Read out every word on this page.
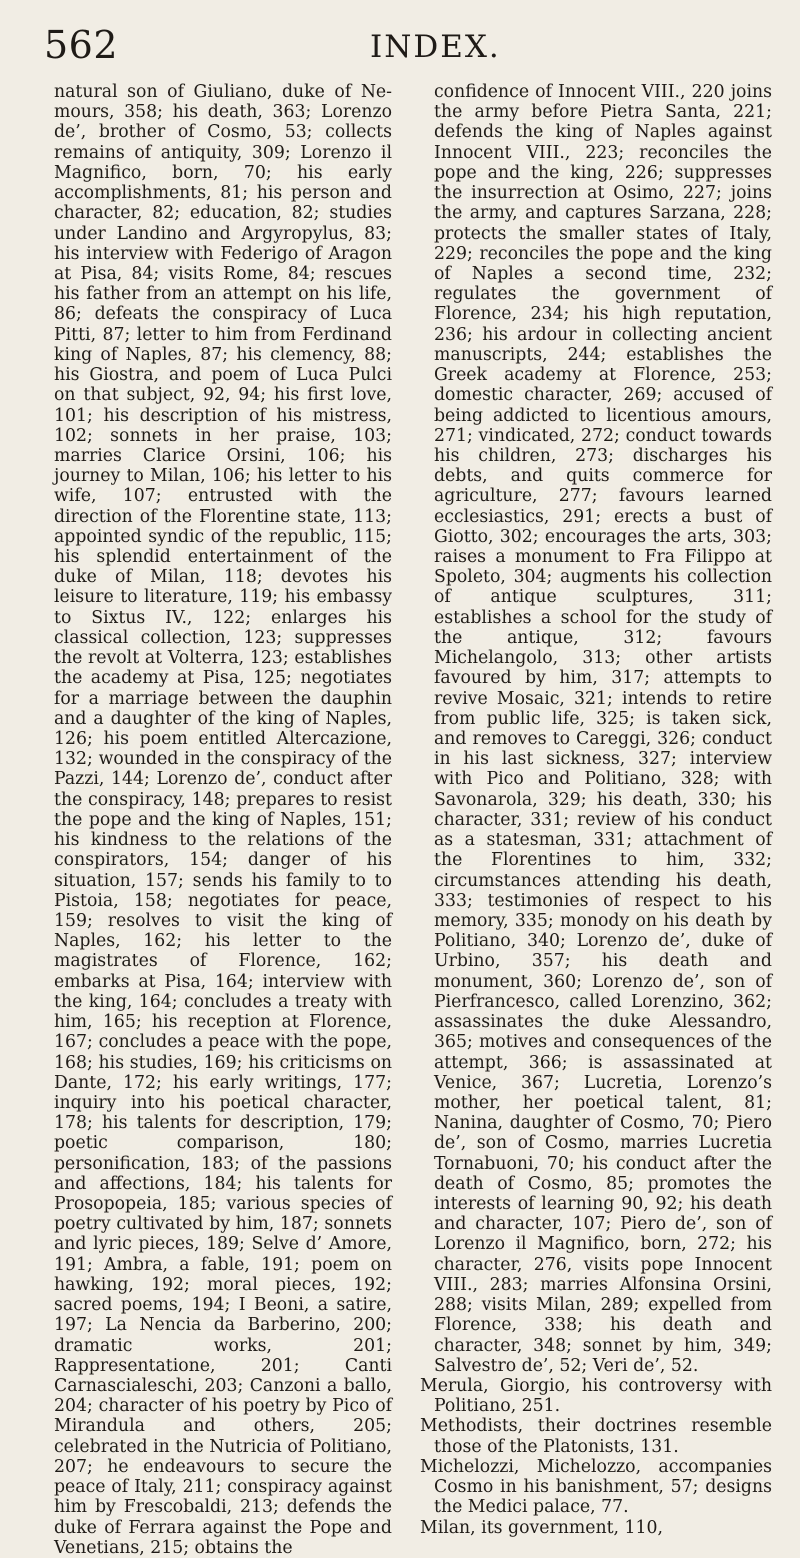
562	INDEX.

natural son of Giuliano, duke of Ne-mours, 358; his death, 363; Lorenzo de’, brother of Cosmo, 53; collects remains of antiquity, 309; Lorenzo il Magnifico, born, 70; his early accomplishments, 81; his person and character, 82; education, 82; studies under Landino and Argyropylus, 83; his interview with Federigo of Aragon at Pisa, 84; visits Rome, 84; rescues his father from an attempt on his life, 86; defeats the conspiracy of Luca Pitti, 87; letter to him from Ferdinand king of Naples, 87; his clemency, 88; his Giostra, and poem of Luca Pulci on that subject, 92, 94; his first love, 101; his description of his mistress, 102; sonnets in her praise, 103; marries Clarice Orsini, 106; his journey to Milan, 106; his letter to his wife, 107; entrusted with the direction of the Florentine state, 113; appointed syndic of the republic, 115; his splendid entertainment of the duke of Milan, 118; devotes his leisure to literature, 119; his embassy to Sixtus IV., 122; enlarges his classical collection, 123; suppresses the revolt at Volterra, 123; establishes the academy at Pisa, 125; negotiates for a marriage between the dauphin and a daughter of the king of Naples, 126; his poem entitled Altercazione, 132; wounded in the conspiracy of the Pazzi, 144; Lorenzo de’, conduct after the conspiracy, 148; prepares to resist the pope and the king of Naples, 151; his kindness to the relations of the conspirators, 154; danger of his situation, 157; sends his family to to Pistoia, 158; negotiates for peace, 159; resolves to visit the king of Naples, 162; his letter to the magistrates of Florence, 162; embarks at Pisa, 164; interview with the king, 164; concludes a treaty with him, 165; his reception at Florence, 167; concludes a peace with the pope, 168; his studies, 169; his criticisms on Dante, 172; his early writings, 177; inquiry into his poetical character, 178; his talents for description, 179; poetic comparison, 180; personification, 183; of the passions and affections, 184; his talents for Prosopopeia, 185; various species of poetry cultivated by him, 187; sonnets and lyric pieces, 189; Selve d’ Amore, 191; Ambra, a fable, 191; poem on hawking, 192; moral pieces, 192; sacred poems, 194; I Beoni, a satire, 197; La Nencia da Barberino, 200; dramatic works, 201; Rappresentatione, 201; Canti Carnascialeschi, 203; Canzoni a ballo, 204; character of his poetry by Pico of Mirandula and others, 205; celebrated in the Nutricia of Politiano, 207; he endeavours to secure the peace of Italy, 211; conspiracy against him by Frescobaldi, 213; defends the duke of Ferrara against the Pope and Venetians, 215; obtains the

confidence of Innocent VIII., 220 joins the army before Pietra Santa, 221; defends the king of Naples against Innocent VIII., 223; reconciles the pope and the king, 226; suppresses the insurrection at Osimo, 227; joins the army, and captures Sarzana, 228; protects the smaller states of Italy, 229; reconciles the pope and the king of Naples a second time, 232; regulates the government of Florence, 234; his high reputation, 236; his ardour in collecting ancient manuscripts, 244; establishes the Greek academy at Florence, 253; domestic character, 269; accused of being addicted to licentious amours, 271; vindicated, 272; conduct towards his children, 273; discharges his debts, and quits commerce for agriculture, 277; favours learned ecclesiastics, 291; erects a bust of Giotto, 302; encourages the arts, 303; raises a monument to Fra Filippo at Spoleto, 304; augments his collection of antique sculptures, 311; establishes a school for the study of the antique, 312; favours Michelangolo, 313; other artists favoured by him, 317; attempts to revive Mosaic, 321; intends to retire from public life, 325; is taken sick, and removes to Careggi, 326; conduct in his last sickness, 327; interview with Pico and Politiano, 328; with Savonarola, 329; his death, 330; his character, 331; review of his conduct as a statesman, 331; attachment of the Florentines to him, 332; circumstances attending his death, 333; testimonies of respect to his memory, 335; monody on his death by Politiano, 340; Lorenzo de’, duke of Urbino, 357; his death and monument, 360; Lorenzo de’, son of Pierfrancesco, called Lorenzino, 362; assassinates the duke Alessandro, 365; motives and consequences of the attempt, 366; is assassinated at Venice, 367; Lucretia, Lorenzo’s mother, her poetical talent, 81; Nanina, daughter of Cosmo, 70; Piero de’, son of Cosmo, marries Lucretia Tornabuoni, 70; his conduct after the death of Cosmo, 85; promotes the interests of learning 90, 92; his death and character, 107; Piero de’, son of Lorenzo il Magnifico, born, 272; his character, 276, visits pope Innocent VIII., 283; marries Alfonsina Orsini, 288; visits Milan, 289; expelled from Florence, 338; his death and character, 348; sonnet by him, 349; Salvestro de’, 52; Veri de’, 52.

Merula, Giorgio, his controversy with Politiano, 251.

Methodists, their doctrines resemble those of the Platonists, 131.

Michelozzi, Michelozzo, accompanies Cosmo in his banishment, 57; designs the Medici palace, 77.

Milan, its government, 110,
